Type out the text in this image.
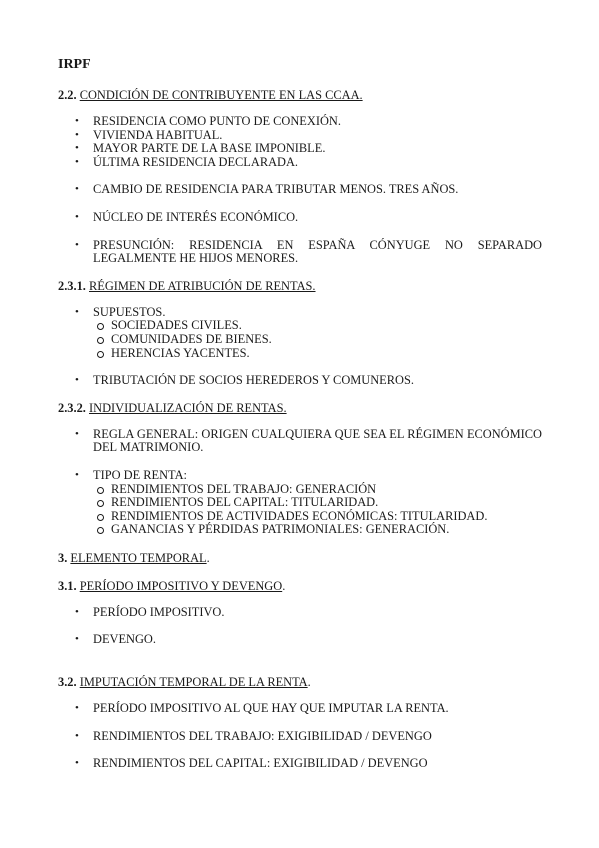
IRPF

2.2. CONDICIÓN DE CONTRIBUYENTE EN LAS CCAA.

• RESIDENCIA COMO PUNTO DE CONEXIÓN.
• VIVIENDA HABITUAL.
• MAYOR PARTE DE LA BASE IMPONIBLE.
• ÚLTIMA RESIDENCIA DECLARADA.
• CAMBIO DE RESIDENCIA PARA TRIBUTAR MENOS. TRES AÑOS.
• NÚCLEO DE INTERÉS ECONÓMICO.
• PRESUNCIÓN: RESIDENCIA EN ESPAÑA CÓNYUGE NO SEPARADO LEGALMENTE HE HIJOS MENORES.

2.3.1. RÉGIMEN DE ATRIBUCIÓN DE RENTAS.

• SUPUESTOS.
SOCIEDADES CIVILES.
COMUNIDADES DE BIENES.
HERENCIAS YACENTES.
• TRIBUTACIÓN DE SOCIOS HEREDEROS Y COMUNEROS.

2.3.2. INDIVIDUALIZACIÓN DE RENTAS.

• REGLA GENERAL: ORIGEN CUALQUIERA QUE SEA EL RÉGIMEN ECONÓMICO DEL MATRIMONIO.
• TIPO DE RENTA:
RENDIMIENTOS DEL TRABAJO: GENERACIÓN
RENDIMIENTOS DEL CAPITAL: TITULARIDAD.
RENDIMIENTOS DE ACTIVIDADES ECONÓMICAS: TITULARIDAD.
GANANCIAS Y PÉRDIDAS PATRIMONIALES: GENERACIÓN.

3. ELEMENTO TEMPORAL.

3.1. PERÍODO IMPOSITIVO Y DEVENGO.

• PERÍODO IMPOSITIVO.
• DEVENGO.

3.2. IMPUTACIÓN TEMPORAL DE LA RENTA.

• PERÍODO IMPOSITIVO AL QUE HAY QUE IMPUTAR LA RENTA.
• RENDIMIENTOS DEL TRABAJO: EXIGIBILIDAD / DEVENGO
• RENDIMIENTOS DEL CAPITAL: EXIGIBILIDAD / DEVENGO
